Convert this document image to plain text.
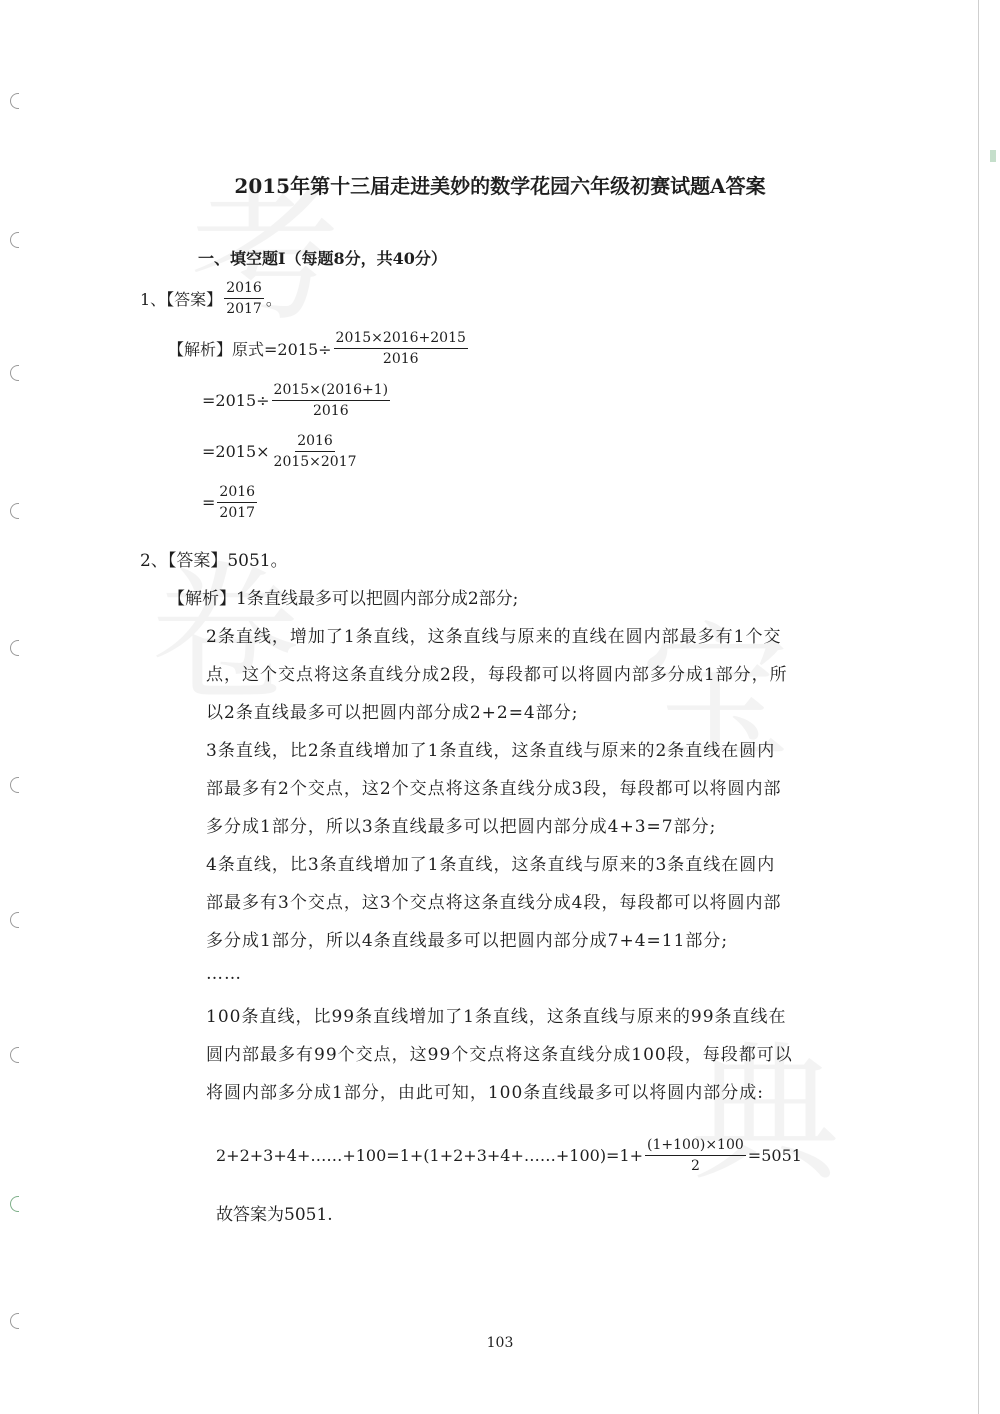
2015年第十三届走进美妙的数学花园六年级初赛试题A答案
一、填空题Ⅰ（每题8分，共40分）
1、【答案】 $\frac{2016}{2017}$ 。
【解析】原式$=2015\div \frac{2015\times 2016+2015}{2016}$
$=2015\div \frac{2015\times(2016+1)}{2016}$
$=2015\times \frac{2016}{2015\times 2017}$
= $\frac{2016}{2017}$
2、【答案】5051。
【解析】1条直线最多可以把圆内部分成2部分;
2条直线，增加了1条直线，这条直线与原来的直线在圆内部最多有1个交
点，这个交点将这条直线分成2段，每段都可以将圆内部多分成1部分，所
以2条直线最多可以把圆内部分成2+2=4部分;
3条直线，比2条直线增加了1条直线，这条直线与原来的2条直线在圆内
部最多有2个交点，这2个交点将这条直线分成3段，每段都可以将圆内部
多分成1部分，所以3条直线最多可以把圆内部分成4+3=7部分;
4条直线，比3条直线增加了1条直线，这条直线与原来的3条直线在圆内
部最多有3个交点，这3个交点将这条直线分成4段，每段都可以将圆内部
多分成1部分，所以4条直线最多可以把圆内部分成7+4=11部分;
……
100条直线，比99条直线增加了1条直线，这条直线与原来的99条直线在
圆内部最多有99个交点，这99个交点将这条直线分成100段，每段都可以
将圆内部多分成1部分，由此可知，100条直线最多可以将圆内部分成:
2+2+3+4+……+100=1+(1+2+3+4+……+100)=1+ $\frac{(1+100)\times 100}{2} =5051$
故答案为5051.
103
